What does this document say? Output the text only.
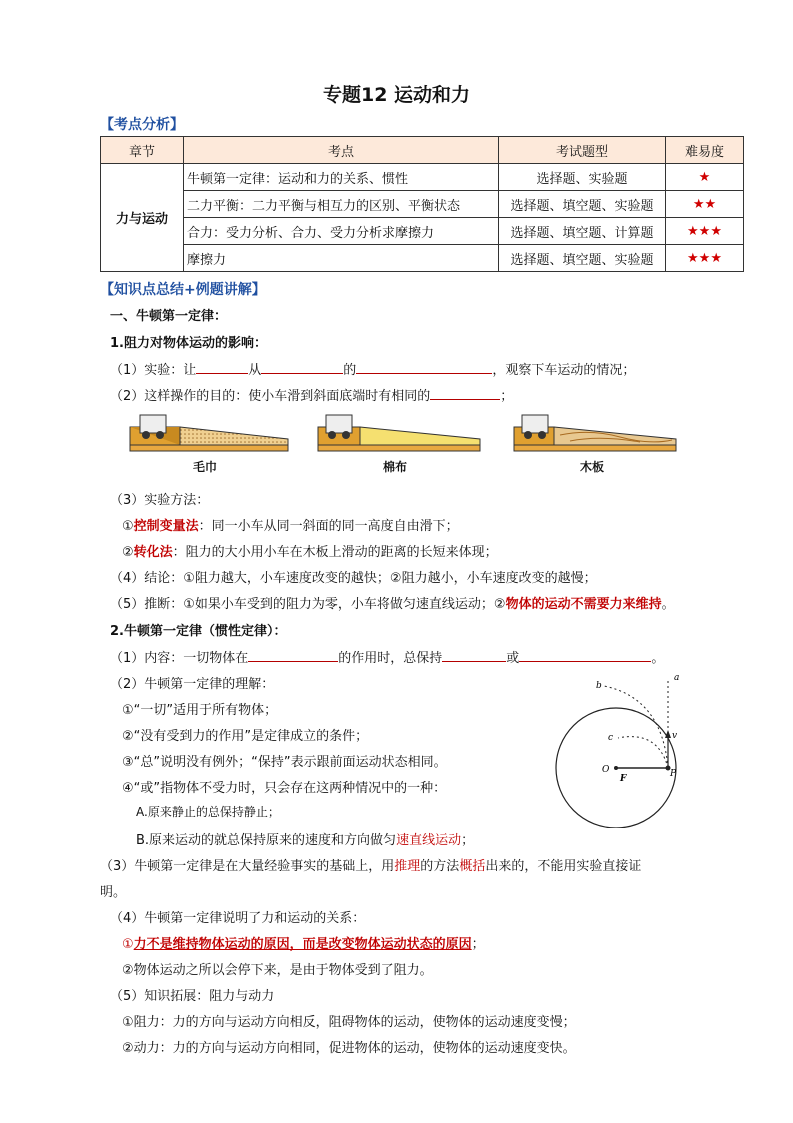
专题12 运动和力
【考点分析】
章节	考点	考试题型	难易度
力与运动	牛顿第一定律：运动和力的关系、惯性	选择题、实验题	★
	二力平衡：二力平衡与相互力的区别、平衡状态	选择题、填空题、实验题	★★
	合力：受力分析、合力、受力分析求摩擦力	选择题、填空题、计算题	★★★
	摩擦力	选择题、填空题、实验题	★★★
【知识点总结+例题讲解】
一、牛顿第一定律：
1.阻力对物体运动的影响：
（1）实验：让	从	的	，观察下车运动的情况；
（2）这样操作的目的：使小车滑到斜面底端时有相同的	；
毛巾	棉布	木板
（3）实验方法：
①控制变量法：同一小车从同一斜面的同一高度自由滑下；
②转化法：阻力的大小用小车在木板上滑动的距离的长短来体现；
（4）结论：①阻力越大，小车速度改变的越快；②阻力越小，小车速度改变的越慢；
（5）推断：①如果小车受到的阻力为零，小车将做匀速直线运动；②物体的运动不需要力来维持。
2.牛顿第一定律（惯性定律）：
（1）内容：一切物体在	的作用时，总保持	或	。
（2）牛顿第一定律的理解：
①“一切”适用于所有物体；
②“没有受到力的作用”是定律成立的条件；
③“总”说明没有例外；“保持”表示跟前面运动状态相同。
④“或”指物体不受力时，只会存在这两种情况中的一种：
A.原来静止的总保持静止；
B.原来运动的就总保持原来的速度和方向做匀速直线运动；
a
b
c	v
O
F	P
（3）牛顿第一定律是在大量经验事实的基础上，用推理的方法概括出来的，不能用实验直接证
明。
（4）牛顿第一定律说明了力和运动的关系：
①力不是维持物体运动的原因，而是改变物体运动状态的原因；
②物体运动之所以会停下来，是由于物体受到了阻力。
（5）知识拓展：阻力与动力
①阻力：力的方向与运动方向相反，阻碍物体的运动，使物体的运动速度变慢；
②动力：力的方向与运动方向相同，促进物体的运动，使物体的运动速度变快。
